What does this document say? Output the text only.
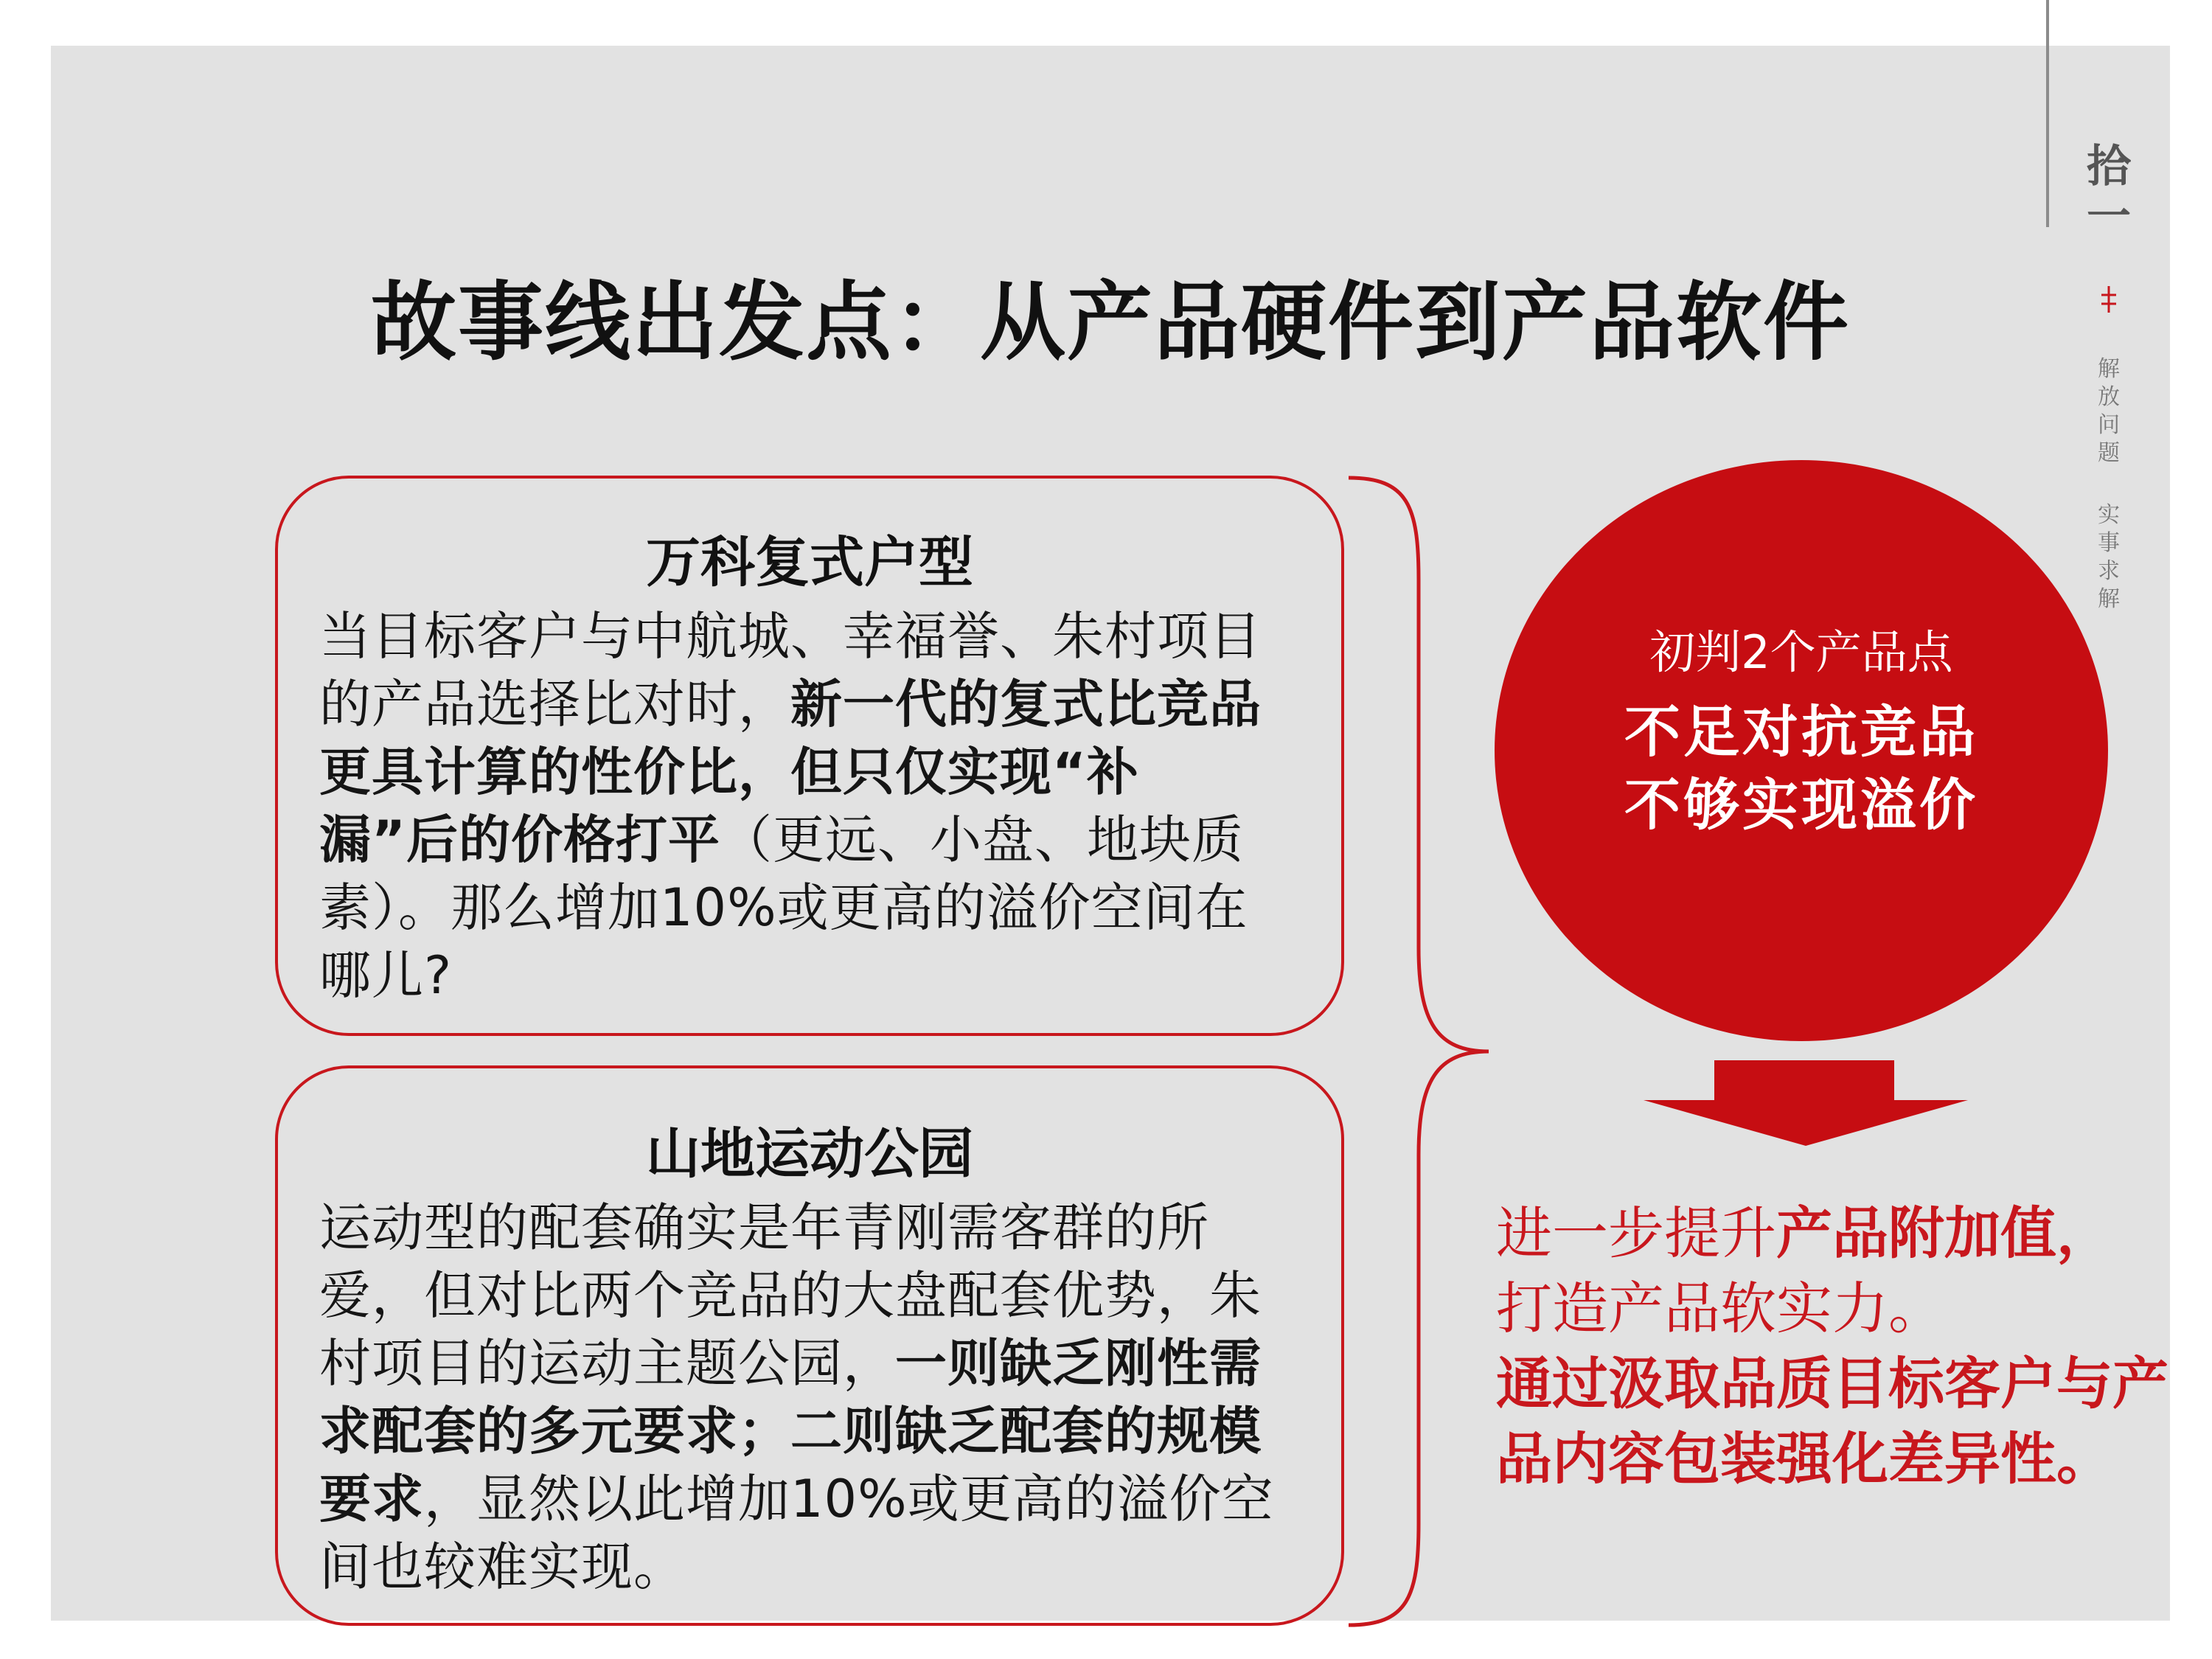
故事线出发点：从产品硬件到产品软件
万科复式户型
当目标客户与中航城、幸福誉、朱村项目的产品选择比对时，新一代的复式比竞品更具计算的性价比，但只仅实现“补漏”后的价格打平（更远、小盘、地块质素）。那么增加10%或更高的溢价空间在哪儿?
山地运动公园
运动型的配套确实是年青刚需客群的所爱，但对比两个竞品的大盘配套优势，朱村项目的运动主题公园，一则缺乏刚性需求配套的多元要求；二则缺乏配套的规模要求，显然以此增加10%或更高的溢价空间也较难实现。
初判2个产品点
不足对抗竞品
不够实现溢价
进一步提升产品附加值，
打造产品软实力。
通过汲取品质目标客户与产品内容包装强化差异性。
拾
一
解放问题
实事求解
